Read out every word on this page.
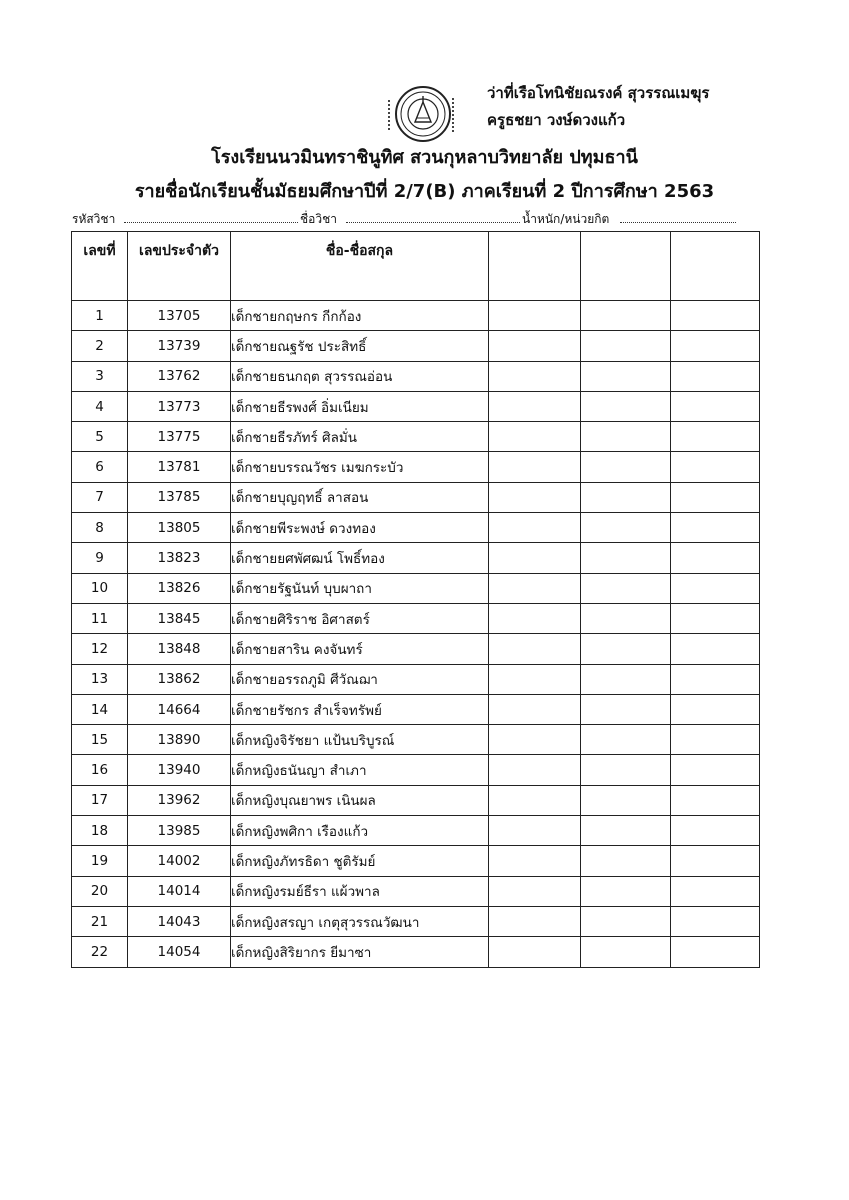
ว่าที่เรือโทนิชัยณรงค์ สุวรรณเมฆุร
ครูธชยา วงษ์ดวงแก้ว
โรงเรียนนวมินทราชินูทิศ สวนกุหลาบวิทยาลัย ปทุมธานี
รายชื่อนักเรียนชั้นมัธยมศึกษาปีที่ 2/7(B) ภาคเรียนที่ 2 ปีการศึกษา 2563
รหัสวิชา	ชื่อวิชา	น้ำหนัก/หน่วยกิต
เลขที่	เลขประจำตัว	ชื่อ-ชื่อสกุล			
1	13705	เด็กชายกฤษกร กีกก้อง			
2	13739	เด็กชายณฐรัช ประสิทธิ์			
3	13762	เด็กชายธนกฤต สุวรรณอ่อน			
4	13773	เด็กชายธีรพงศ์ อิ่มเนียม			
5	13775	เด็กชายธีรภัทร์ ศิลมั่น			
6	13781	เด็กชายบรรณวัชร เมฆกระบัว			
7	13785	เด็กชายบุญฤทธิ์ ลาสอน			
8	13805	เด็กชายพีระพงษ์ ดวงทอง			
9	13823	เด็กชายยศพัศฒน์ โพธิ์ทอง			
10	13826	เด็กชายรัฐนันท์ บุบผาถา			
11	13845	เด็กชายศิริราช อิศาสตร์			
12	13848	เด็กชายสาริน คงจันทร์			
13	13862	เด็กชายอรรถภูมิ ศีวัณฌา			
14	14664	เด็กชายรัชกร สำเร็จทรัพย์			
15	13890	เด็กหญิงจิรัชยา แป้นบริบูรณ์			
16	13940	เด็กหญิงธนันญา สำเภา			
17	13962	เด็กหญิงบุณยาพร เนินผล			
18	13985	เด็กหญิงพศิกา เรืองแก้ว			
19	14002	เด็กหญิงภัทรธิดา ชูติรัมย์			
20	14014	เด็กหญิงรมย์ธีรา แผ้วพาล			
21	14043	เด็กหญิงสรญา เกตุสุวรรณวัฒนา			
22	14054	เด็กหญิงสิริยากร ยีมาซา			
